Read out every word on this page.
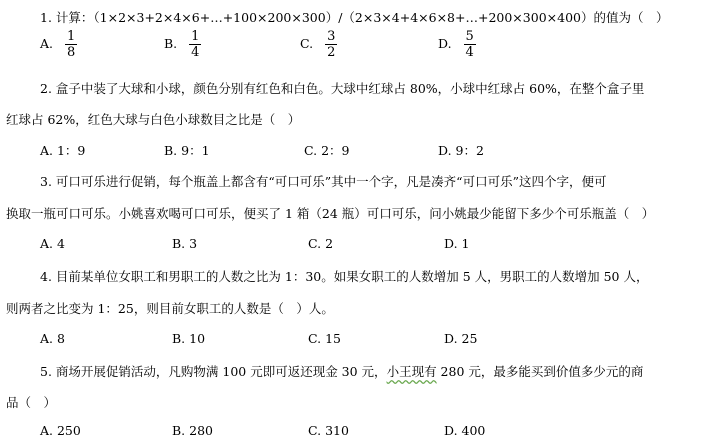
1. 计算：（1×2×3+2×4×6+…+100×200×300）/（2×3×4+4×6×8+…+200×300×400）的值为（　）
A. $\frac{1}{8}$	B. $\frac{1}{4}$	C. $\frac{3}{2}$	D. $\frac{5}{4}$
2. 盒子中装了大球和小球，颜色分别有红色和白色。大球中红球占 80%，小球中红球占 60%，在整个盒子里
红球占 62%，红色大球与白色小球数目之比是（　）
A. 1：9	B. 9：1	C. 2：9	D. 9：2
3. 可口可乐进行促销，每个瓶盖上都含有“可口可乐”其中一个字，凡是凑齐“可口可乐”这四个字，便可
换取一瓶可口可乐。小姚喜欢喝可口可乐，便买了 1 箱（24 瓶）可口可乐，问小姚最少能留下多少个可乐瓶盖（　）
A. 4	B. 3	C. 2	D. 1
4. 目前某单位女职工和男职工的人数之比为 1：30。如果女职工的人数增加 5 人，男职工的人数增加 50 人，
则两者之比变为 1：25，则目前女职工的人数是（　）人。
A. 8	B. 10	C. 15	D. 25
5. 商场开展促销活动，凡购物满 100 元即可返还现金 30 元，小王现有 280 元，最多能买到价值多少元的商
品（　）
A. 250	B. 280	C. 310	D. 400
